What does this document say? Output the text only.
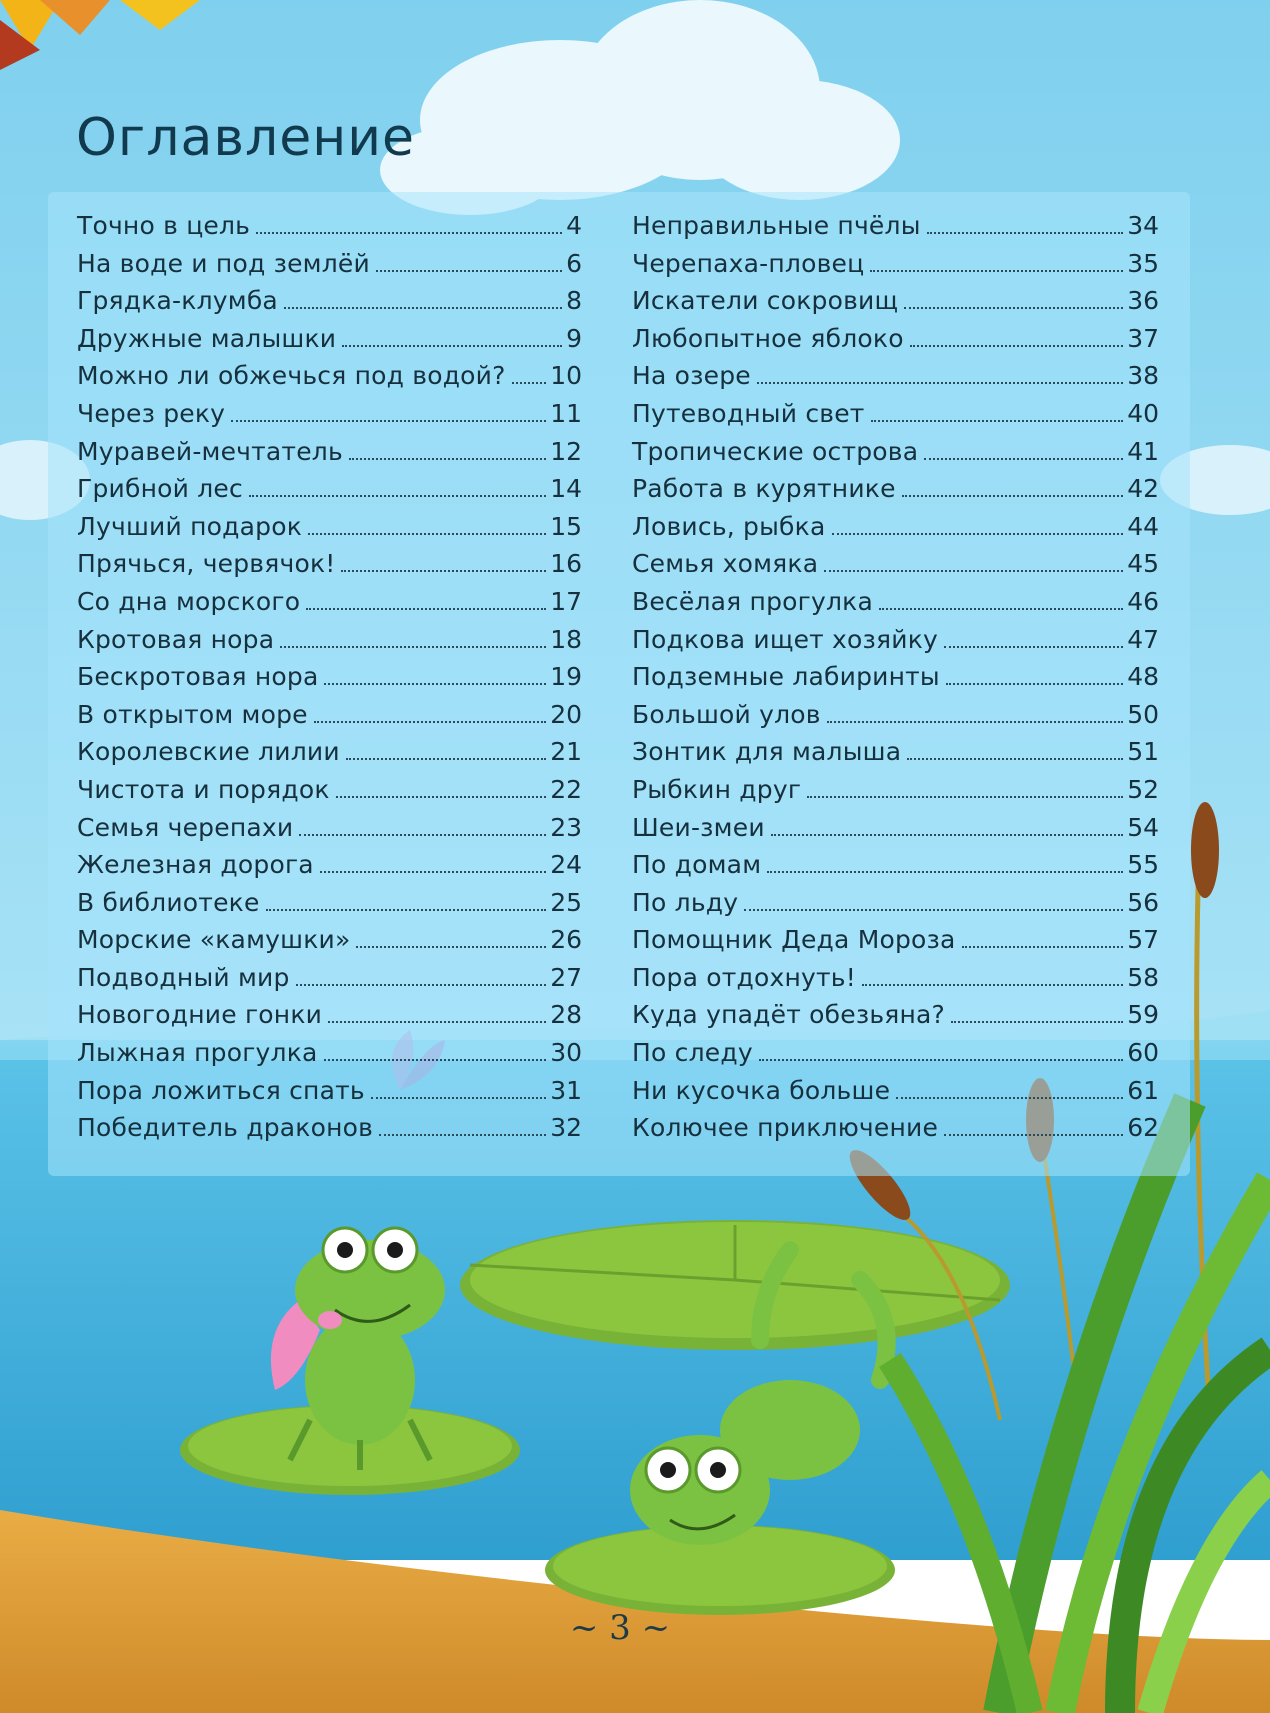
Оглавление
Точно в цель	4
На воде и под землёй	6
Грядка-клумба	8
Дружные малышки	9
Можно ли обжечься под водой? 10
Через реку	11
Муравей-мечтатель	12
Грибной лес	14
Лучший подарок	15
Прячься, червячок!	16
Со дна морского	17
Кротовая нора	18
Бескротовая нора	19
В открытом море	20
Королевские лилии	21
Чистота и порядок	22
Семья черепахи	23
Железная дорога	24
В библиотеке	25
Морские «камушки»	26
Подводный мир	27
Новогодние гонки	28
Лыжная прогулка	30
Пора ложиться спать	31
Победитель драконов	32
Неправильные пчёлы	34
Черепаха-пловец	35
Искатели сокровищ	36
Любопытное яблоко	37
На озере	38
Путеводный свет	40
Тропические острова	41
Работа в курятнике	42
Ловись, рыбка	44
Семья хомяка	45
Весёлая прогулка	46
Подкова ищет хозяйку	47
Подземные лабиринты	48
Большой улов	50
Зонтик для малыша	51
Рыбкин друг	52
Шеи-змеи	54
По домам	55
По льду	56
Помощник Деда Мороза	57
Пора отдохнуть!	58
Куда упадёт обезьяна?	59
По следу	60
Ни кусочка больше	61
Колючее приключение	62
~ 3 ~
